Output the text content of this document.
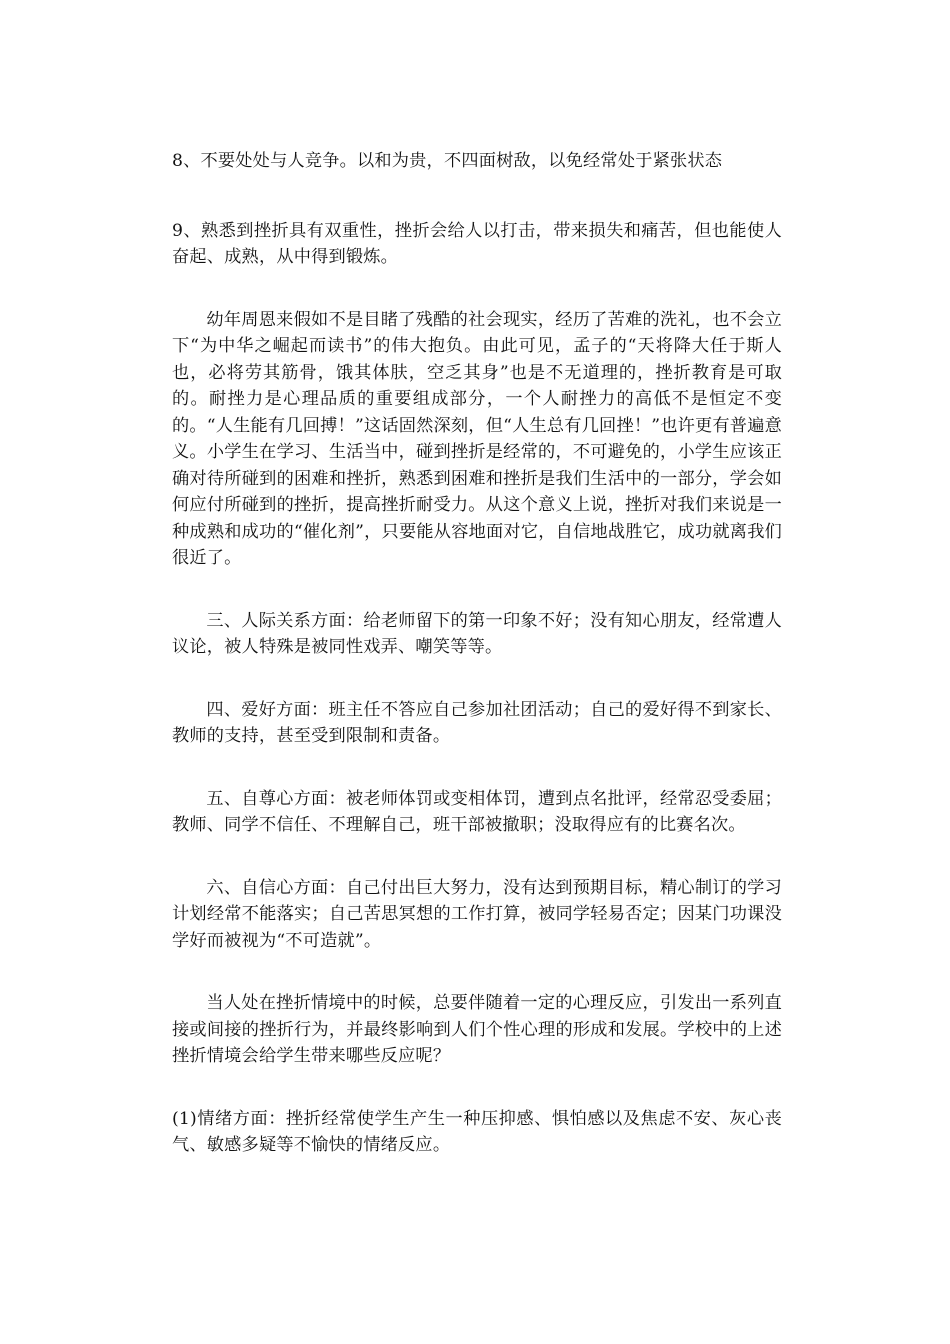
8、不要处处与人竞争。以和为贵，不四面树敌，以免经常处于紧张状态

9、熟悉到挫折具有双重性，挫折会给人以打击，带来损失和痛苦，但也能使人奋起、成熟，从中得到锻炼。

幼年周恩来假如不是目睹了残酷的社会现实，经历了苦难的洗礼，也不会立下“为中华之崛起而读书”的伟大抱负。由此可见，孟子的“天将降大任于斯人也，必将劳其筋骨，饿其体肤，空乏其身”也是不无道理的，挫折教育是可取的。耐挫力是心理品质的重要组成部分，一个人耐挫力的高低不是恒定不变的。“人生能有几回搏！”这话固然深刻，但“人生总有几回挫！”也许更有普遍意义。小学生在学习、生活当中，碰到挫折是经常的，不可避免的，小学生应该正确对待所碰到的困难和挫折，熟悉到困难和挫折是我们生活中的一部分，学会如何应付所碰到的挫折，提高挫折耐受力。从这个意义上说，挫折对我们来说是一种成熟和成功的“催化剂”，只要能从容地面对它，自信地战胜它，成功就离我们很近了。

三、人际关系方面：给老师留下的第一印象不好；没有知心朋友，经常遭人议论，被人特殊是被同性戏弄、嘲笑等等。

四、爱好方面：班主任不答应自己参加社团活动；自己的爱好得不到家长、教师的支持，甚至受到限制和责备。

五、自尊心方面：被老师体罚或变相体罚，遭到点名批评，经常忍受委屈；教师、同学不信任、不理解自己，班干部被撤职；没取得应有的比赛名次。

六、自信心方面：自己付出巨大努力，没有达到预期目标，精心制订的学习计划经常不能落实；自己苦思冥想的工作打算，被同学轻易否定；因某门功课没学好而被视为“不可造就”。

当人处在挫折情境中的时候，总要伴随着一定的心理反应，引发出一系列直接或间接的挫折行为，并最终影响到人们个性心理的形成和发展。学校中的上述挫折情境会给学生带来哪些反应呢？

(1)情绪方面：挫折经常使学生产生一种压抑感、惧怕感以及焦虑不安、灰心丧气、敏感多疑等不愉快的情绪反应。
